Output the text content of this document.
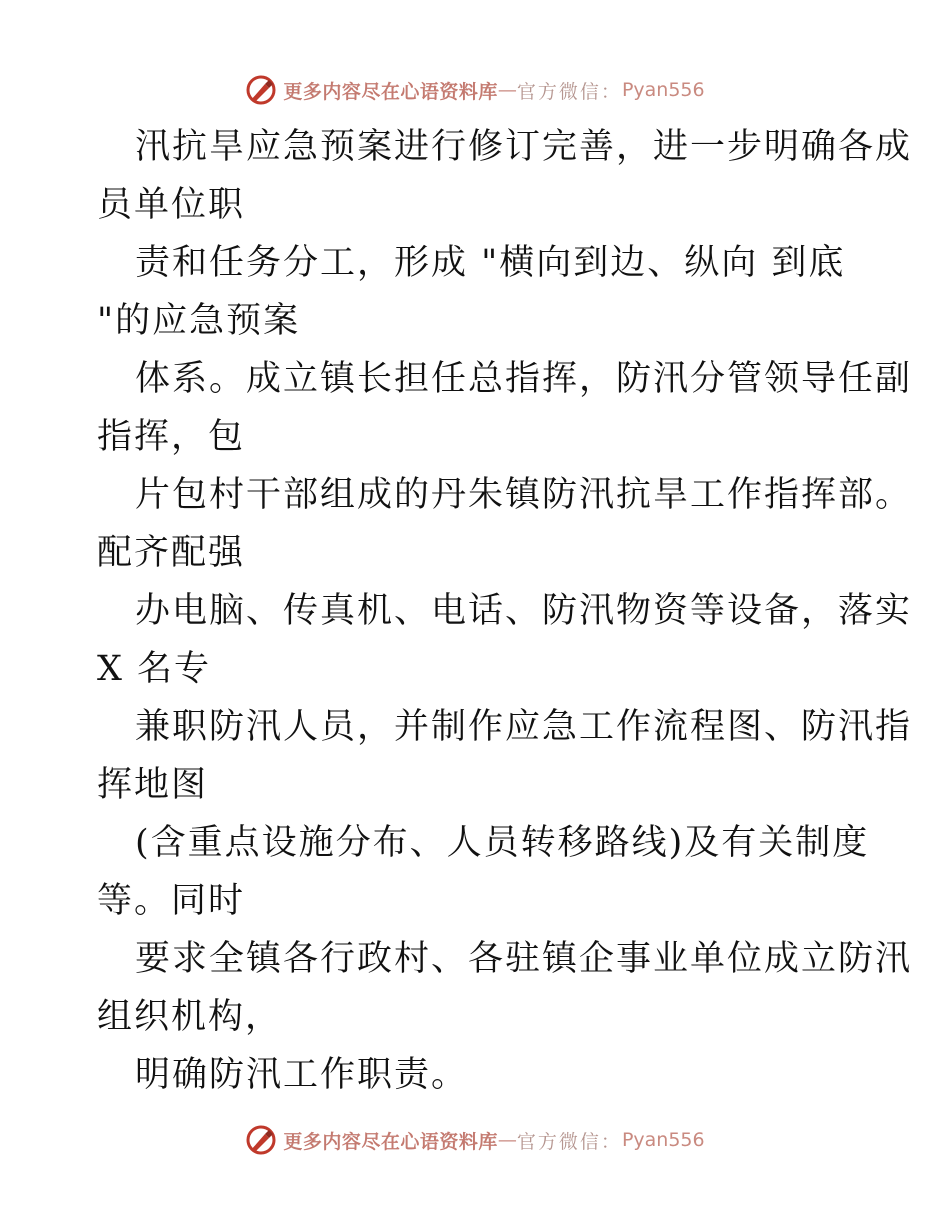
更多内容尽在心语资料库 — 官方微信： Pyan556

汛抗旱应急预案进行修订完善，进一步明确各成
员单位职

责和任务分工，形成 "横向到边、纵向 到底
"的应急预案

体系。成立镇长担任总指挥，防汛分管领导任副
指挥，包

片包村干部组成的丹朱镇防汛抗旱工作指挥部。
配齐配强

办电脑、传真机、电话、防汛物资等设备，落实
X 名专

兼职防汛人员，并制作应急工作流程图、防汛指
挥地图

(含重点设施分布、人员转移路线)及有关制度
等。同时

要求全镇各行政村、各驻镇企事业单位成立防汛
组织机构，

明确防汛工作职责。

更多内容尽在心语资料库 — 官方微信： Pyan556
